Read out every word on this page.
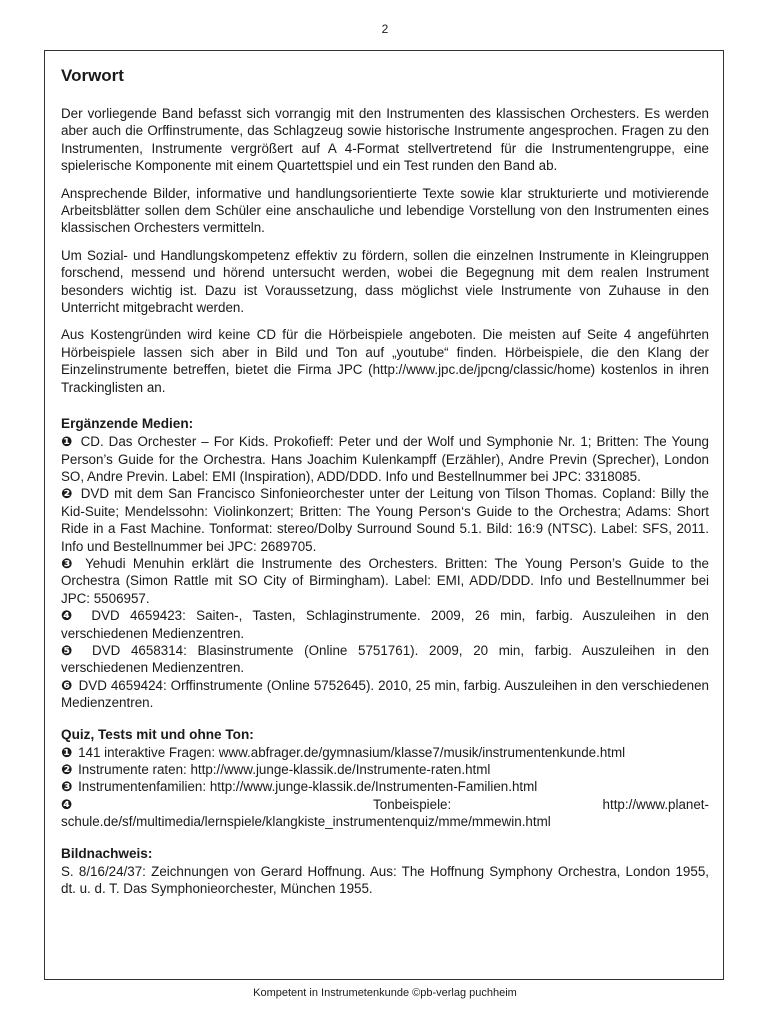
2
Vorwort

Der vorliegende Band befasst sich vorrangig mit den Instrumenten des klassischen Orchesters. Es werden aber auch die Orffinstrumente, das Schlagzeug sowie historische Instrumente angesprochen. Fragen zu den Instrumenten, Instrumente vergrößert auf A 4-Format stellvertretend für die Instrumentengruppe, eine spielerische Komponente mit einem Quartettspiel und ein Test runden den Band ab.

Ansprechende Bilder, informative und handlungsorientierte Texte sowie klar strukturierte und motivierende Arbeitsblätter sollen dem Schüler eine anschauliche und lebendige Vorstellung von den Instrumenten eines klassischen Orchesters vermitteln.

Um Sozial- und Handlungskompetenz effektiv zu fördern, sollen die einzelnen Instrumente in Kleingruppen forschend, messend und hörend untersucht werden, wobei die Begegnung mit dem realen Instrument besonders wichtig ist. Dazu ist Voraussetzung, dass möglichst viele Instrumente von Zuhause in den Unterricht mitgebracht werden.

Aus Kostengründen wird keine CD für die Hörbeispiele angeboten. Die meisten auf Seite 4 angeführten Hörbeispiele lassen sich aber in Bild und Ton auf „youtube“ finden. Hörbeispiele, die den Klang der Einzelinstrumente betreffen, bietet die Firma JPC (http://www.jpc.de/jpcng/classic/home) kostenlos in ihren Trackinglisten an.

Ergänzende Medien:

❶ CD. Das Orchester – For Kids. Prokofieff: Peter und der Wolf und Symphonie Nr. 1; Britten: The Young Person’s Guide for the Orchestra. Hans Joachim Kulenkampff (Erzähler), Andre Previn (Sprecher), London SO, Andre Previn. Label: EMI (Inspiration), ADD/DDD. Info und Bestellnummer bei JPC: 3318085.

❷ DVD mit dem San Francisco Sinfonieorchester unter der Leitung von Tilson Thomas. Copland: Billy the Kid-Suite; Mendelssohn: Violinkonzert; Britten: The Young Person‘s Guide to the Orchestra; Adams: Short Ride in a Fast Machine. Tonformat: stereo/Dolby Surround Sound 5.1. Bild: 16:9 (NTSC). Label: SFS, 2011. Info und Bestellnummer bei JPC: 2689705.

❸ Yehudi Menuhin erklärt die Instrumente des Orchesters. Britten: The Young Person’s Guide to the Orchestra (Simon Rattle mit SO City of Birmingham). Label: EMI, ADD/DDD. Info und Bestellnummer bei JPC: 5506957.

❹ DVD 4659423: Saiten-, Tasten, Schlaginstrumente. 2009, 26 min, farbig. Auszuleihen in den verschiedenen Medienzentren.

❺ DVD 4658314: Blasinstrumente (Online 5751761). 2009, 20 min, farbig. Auszuleihen in den verschiedenen Medienzentren.

❻ DVD 4659424: Orffinstrumente (Online 5752645). 2010, 25 min, farbig. Auszuleihen in den verschiedenen Medienzentren.

Quiz, Tests mit und ohne Ton:

❶ 141 interaktive Fragen: www.abfrager.de/gymnasium/klasse7/musik/instrumentenkunde.html

❷ Instrumente raten: http://www.junge-klassik.de/Instrumente-raten.html

❸ Instrumentenfamilien: http://www.junge-klassik.de/Instrumenten-Familien.html

❹	Tonbeispiele: http://www.planet-schule.de/sf/multimedia/lernspiele/klangkiste_instrumentenquiz/mme/mmewin.html

Bildnachweis:

S. 8/16/24/37: Zeichnungen von Gerard Hoffnung. Aus: The Hoffnung Symphony Orchestra, London 1955, dt. u. d. T. Das Symphonieorchester, München 1955.

Kompetent in Instrumetenkunde ©pb-verlag puchheim
